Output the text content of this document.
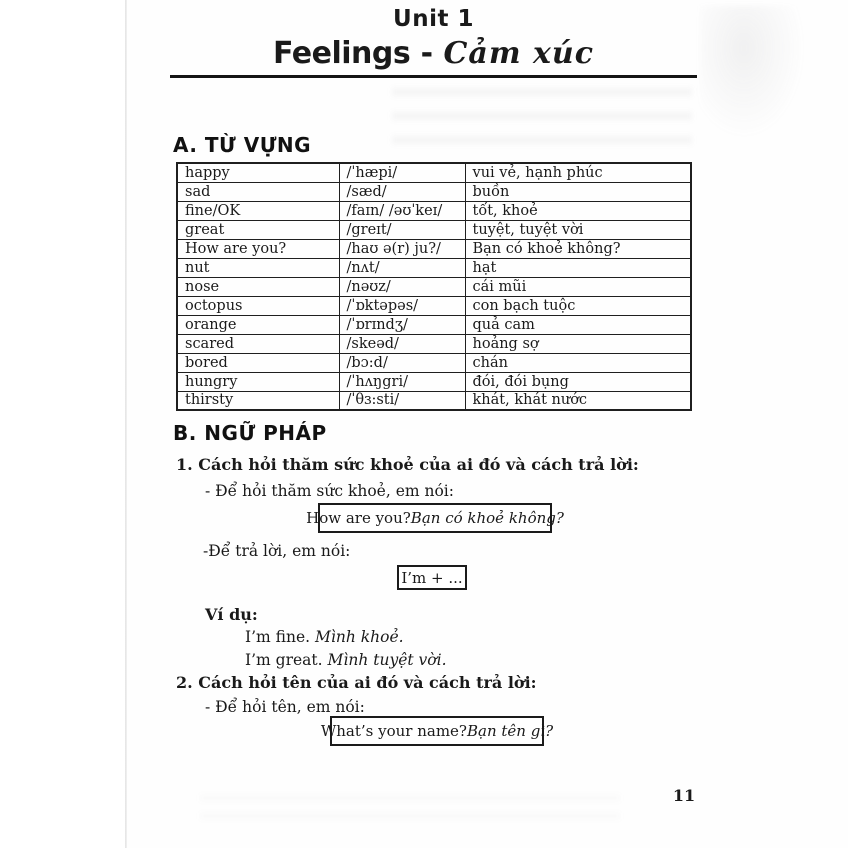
Unit 1
Feelings - Cảm xúc
A. TỪ VỰNG
happy	/ˈhæpi/	vui vẻ, hạnh phúc
sad	/sæd/	buồn
fine/OK	/faɪn/ /əʊˈkeɪ/	tốt, khoẻ
great	/greɪt/	tuyệt, tuyệt vời
How are you?	/haʊ ə(r) ju?/	Bạn có khoẻ không?
nut	/nʌt/	hạt
nose	/nəʊz/	cái mũi
octopus	/ˈɒktəpəs/	con bạch tuộc
orange	/ˈɒrɪndʒ/	quả cam
scared	/skeəd/	hoảng sợ
bored	/bɔ:d/	chán
hungry	/ˈhʌŋgri/	đói, đói bụng
thirsty	/ˈθɜ:sti/	khát, khát nước
B. NGỮ PHÁP
1. Cách hỏi thăm sức khoẻ của ai đó và cách trả lời:
- Để hỏi thăm sức khoẻ, em nói:
How are you? Bạn có khoẻ không?
-Để trả lời, em nói:
I’m + ...
Ví dụ:
I’m fine. Mình khoẻ.
I’m great. Mình tuyệt vời.
2. Cách hỏi tên của ai đó và cách trả lời:
- Để hỏi tên, em nói:
What’s your name? Bạn tên gì?
11
